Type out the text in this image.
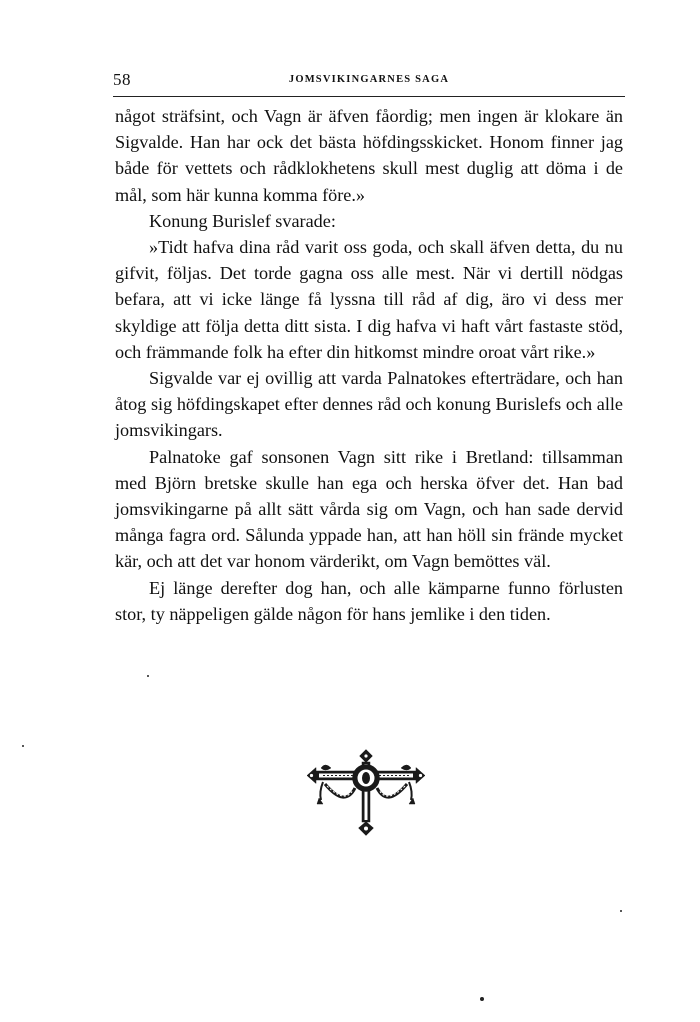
58	JOMSVIKINGARNES SAGA

något sträfsint, och Vagn är äfven fåordig; men ingen är klokare än Sigvalde. Han har ock det bästa höfdingsskicket. Honom finner jag både för vettets och rådklokhetens skull mest duglig att döma i de mål, som här kunna komma före.»

Konung Burislef svarade:

»Tidt hafva dina råd varit oss goda, och skall äfven detta, du nu gifvit, följas. Det torde gagna oss alle mest. När vi dertill nödgas befara, att vi icke länge få lyssna till råd af dig, äro vi dess mer skyldige att följa detta ditt sista. I dig hafva vi haft vårt fastaste stöd, och främmande folk ha efter din hitkomst mindre oroat vårt rike.»

Sigvalde var ej ovillig att varda Palnatokes efterträdare, och han åtog sig höfdingskapet efter dennes råd och konung Burislefs och alle jomsvikingars.

Palnatoke gaf sonsonen Vagn sitt rike i Bretland: tillsamman med Björn bretske skulle han ega och herska öfver det. Han bad jomsvikingarne på allt sätt vårda sig om Vagn, och han sade dervid många fagra ord. Sålunda yppade han, att han höll sin frände mycket kär, och att det var honom värderikt, om Vagn bemöttes väl.

Ej länge derefter dog han, och alle kämparne funno förlusten stor, ty näppeligen gälde någon för hans jemlike i den tiden.
